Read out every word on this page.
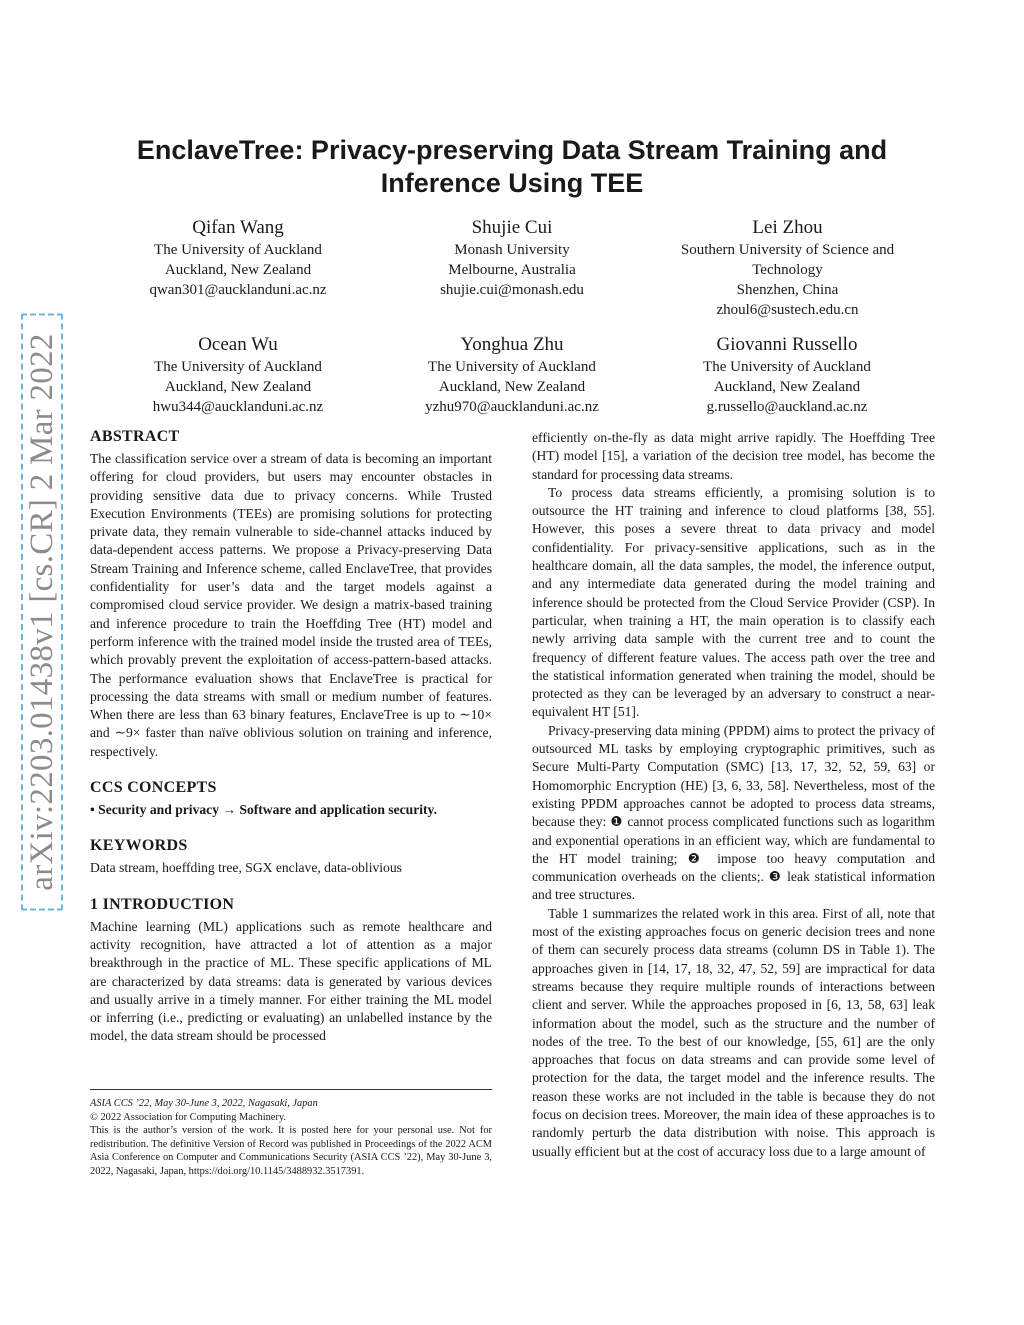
arXiv:2203.01438v1 [cs.CR] 2 Mar 2022
EnclaveTree: Privacy-preserving Data Stream Training and
Inference Using TEE
Qifan Wang
The University of Auckland
Auckland, New Zealand
qwan301@aucklanduni.ac.nz
Shujie Cui
Monash University
Melbourne, Australia
shujie.cui@monash.edu
Lei Zhou
Southern University of Science and
Technology
Shenzhen, China
zhoul6@sustech.edu.cn
Ocean Wu
The University of Auckland
Auckland, New Zealand
hwu344@aucklanduni.ac.nz
Yonghua Zhu
The University of Auckland
Auckland, New Zealand
yzhu970@aucklanduni.ac.nz
Giovanni Russello
The University of Auckland
Auckland, New Zealand
g.russello@auckland.ac.nz
ABSTRACT

The classification service over a stream of data is becoming an important offering for cloud providers, but users may encounter obstacles in providing sensitive data due to privacy concerns. While Trusted Execution Environments (TEEs) are promising solutions for protecting private data, they remain vulnerable to side-channel attacks induced by data-dependent access patterns. We propose a Privacy-preserving Data Stream Training and Inference scheme, called EnclaveTree, that provides confidentiality for user’s data and the target models against a compromised cloud service provider. We design a matrix-based training and inference procedure to train the Hoeffding Tree (HT) model and perform inference with the trained model inside the trusted area of TEEs, which provably prevent the exploitation of access-pattern-based attacks. The performance evaluation shows that EnclaveTree is practical for processing the data streams with small or medium number of features. When there are less than 63 binary features, EnclaveTree is up to ∼10× and ∼9× faster than naïve oblivious solution on training and inference, respectively.

CCS CONCEPTS

• Security and privacy → Software and application security.

KEYWORDS

Data stream, hoeffding tree, SGX enclave, data-oblivious

1 INTRODUCTION

Machine learning (ML) applications such as remote healthcare and activity recognition, have attracted a lot of attention as a major breakthrough in the practice of ML. These specific applications of ML are characterized by data streams: data is generated by various devices and usually arrive in a timely manner. For either training the ML model or inferring (i.e., predicting or evaluating) an unlabelled instance by the model, the data stream should be processed

ASIA CCS ’22, May 30-June 3, 2022, Nagasaki, Japan

© 2022 Association for Computing Machinery.

This is the author’s version of the work. It is posted here for your personal use. Not for redistribution. The definitive Version of Record was published in Proceedings of the 2022 ACM Asia Conference on Computer and Communications Security (ASIA CCS ’22), May 30-June 3, 2022, Nagasaki, Japan, https://doi.org/10.1145/3488932.3517391.

efficiently on-the-fly as data might arrive rapidly. The Hoeffding Tree (HT) model [15], a variation of the decision tree model, has become the standard for processing data streams.

To process data streams efficiently, a promising solution is to outsource the HT training and inference to cloud platforms [38, 55]. However, this poses a severe threat to data privacy and model confidentiality. For privacy-sensitive applications, such as in the healthcare domain, all the data samples, the model, the inference output, and any intermediate data generated during the model training and inference should be protected from the Cloud Service Provider (CSP). In particular, when training a HT, the main operation is to classify each newly arriving data sample with the current tree and to count the frequency of different feature values. The access path over the tree and the statistical information generated when training the model, should be protected as they can be leveraged by an adversary to construct a near-equivalent HT [51].

Privacy-preserving data mining (PPDM) aims to protect the privacy of outsourced ML tasks by employing cryptographic primitives, such as Secure Multi-Party Computation (SMC) [13, 17, 32, 52, 59, 63] or Homomorphic Encryption (HE) [3, 6, 33, 58]. Nevertheless, most of the existing PPDM approaches cannot be adopted to process data streams, because they: ❶ cannot process complicated functions such as logarithm and exponential operations in an efficient way, which are fundamental to the HT model training; ❷ impose too heavy computation and communication overheads on the clients;. ❸ leak statistical information and tree structures.

Table 1 summarizes the related work in this area. First of all, note that most of the existing approaches focus on generic decision trees and none of them can securely process data streams (column DS in Table 1). The approaches given in [14, 17, 18, 32, 47, 52, 59] are impractical for data streams because they require multiple rounds of interactions between client and server. While the approaches proposed in [6, 13, 58, 63] leak information about the model, such as the structure and the number of nodes of the tree. To the best of our knowledge, [55, 61] are the only approaches that focus on data streams and can provide some level of protection for the data, the target model and the inference results. The reason these works are not included in the table is because they do not focus on decision trees. Moreover, the main idea of these approaches is to randomly perturb the data distribution with noise. This approach is usually efficient but at the cost of accuracy loss due to a large amount of
